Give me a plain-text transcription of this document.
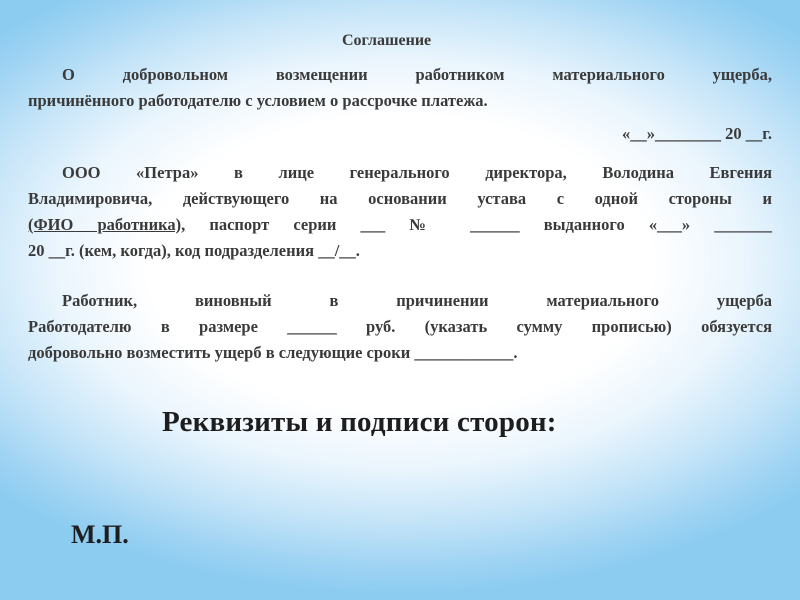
Соглашение

О добровольном возмещении работником материального ущерба,
причинённого работодателю с условием о рассрочке платежа.

«__»________ 20 __г.

ООО «Петра» в лице генерального директора, Володина Евгения
Владимировича, действующего на основании устава с одной стороны и
(ФИО работника), паспорт серии ___ № ______ выданного «___» _______
20 __г. (кем, когда), код подразделения __/__.

Работник, виновный в причинении материального ущерба
Работодателю в размере ______ руб. (указать сумму прописью) обязуется
добровольно возместить ущерб в следующие сроки ____________.

Реквизиты и подписи сторон:

М.П.
